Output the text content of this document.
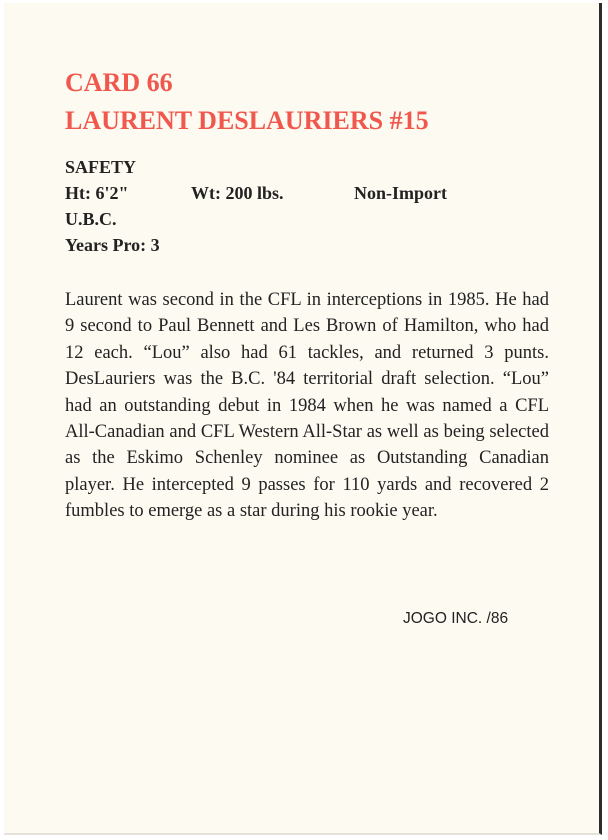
CARD 66
LAURENT DESLAURIERS #15
SAFETY
Ht: 6'2"	Wt: 200 lbs.	Non-Import
U.B.C.
Years Pro: 3

Laurent was second in the CFL in interceptions in 1985. He had 9 second to Paul Bennett and Les Brown of Hamilton, who had 12 each. “Lou” also had 61 tackles, and returned 3 punts. DesLauriers was the B.C. '84 territorial draft selection. “Lou” had an outstanding debut in 1984 when he was named a CFL All-Canadian and CFL Western All-Star as well as being selected as the Eskimo Schenley nominee as Outstanding Canadian player. He intercepted 9 passes for 110 yards and recovered 2 fumbles to emerge as a star during his rookie year.

JOGO INC. /86
